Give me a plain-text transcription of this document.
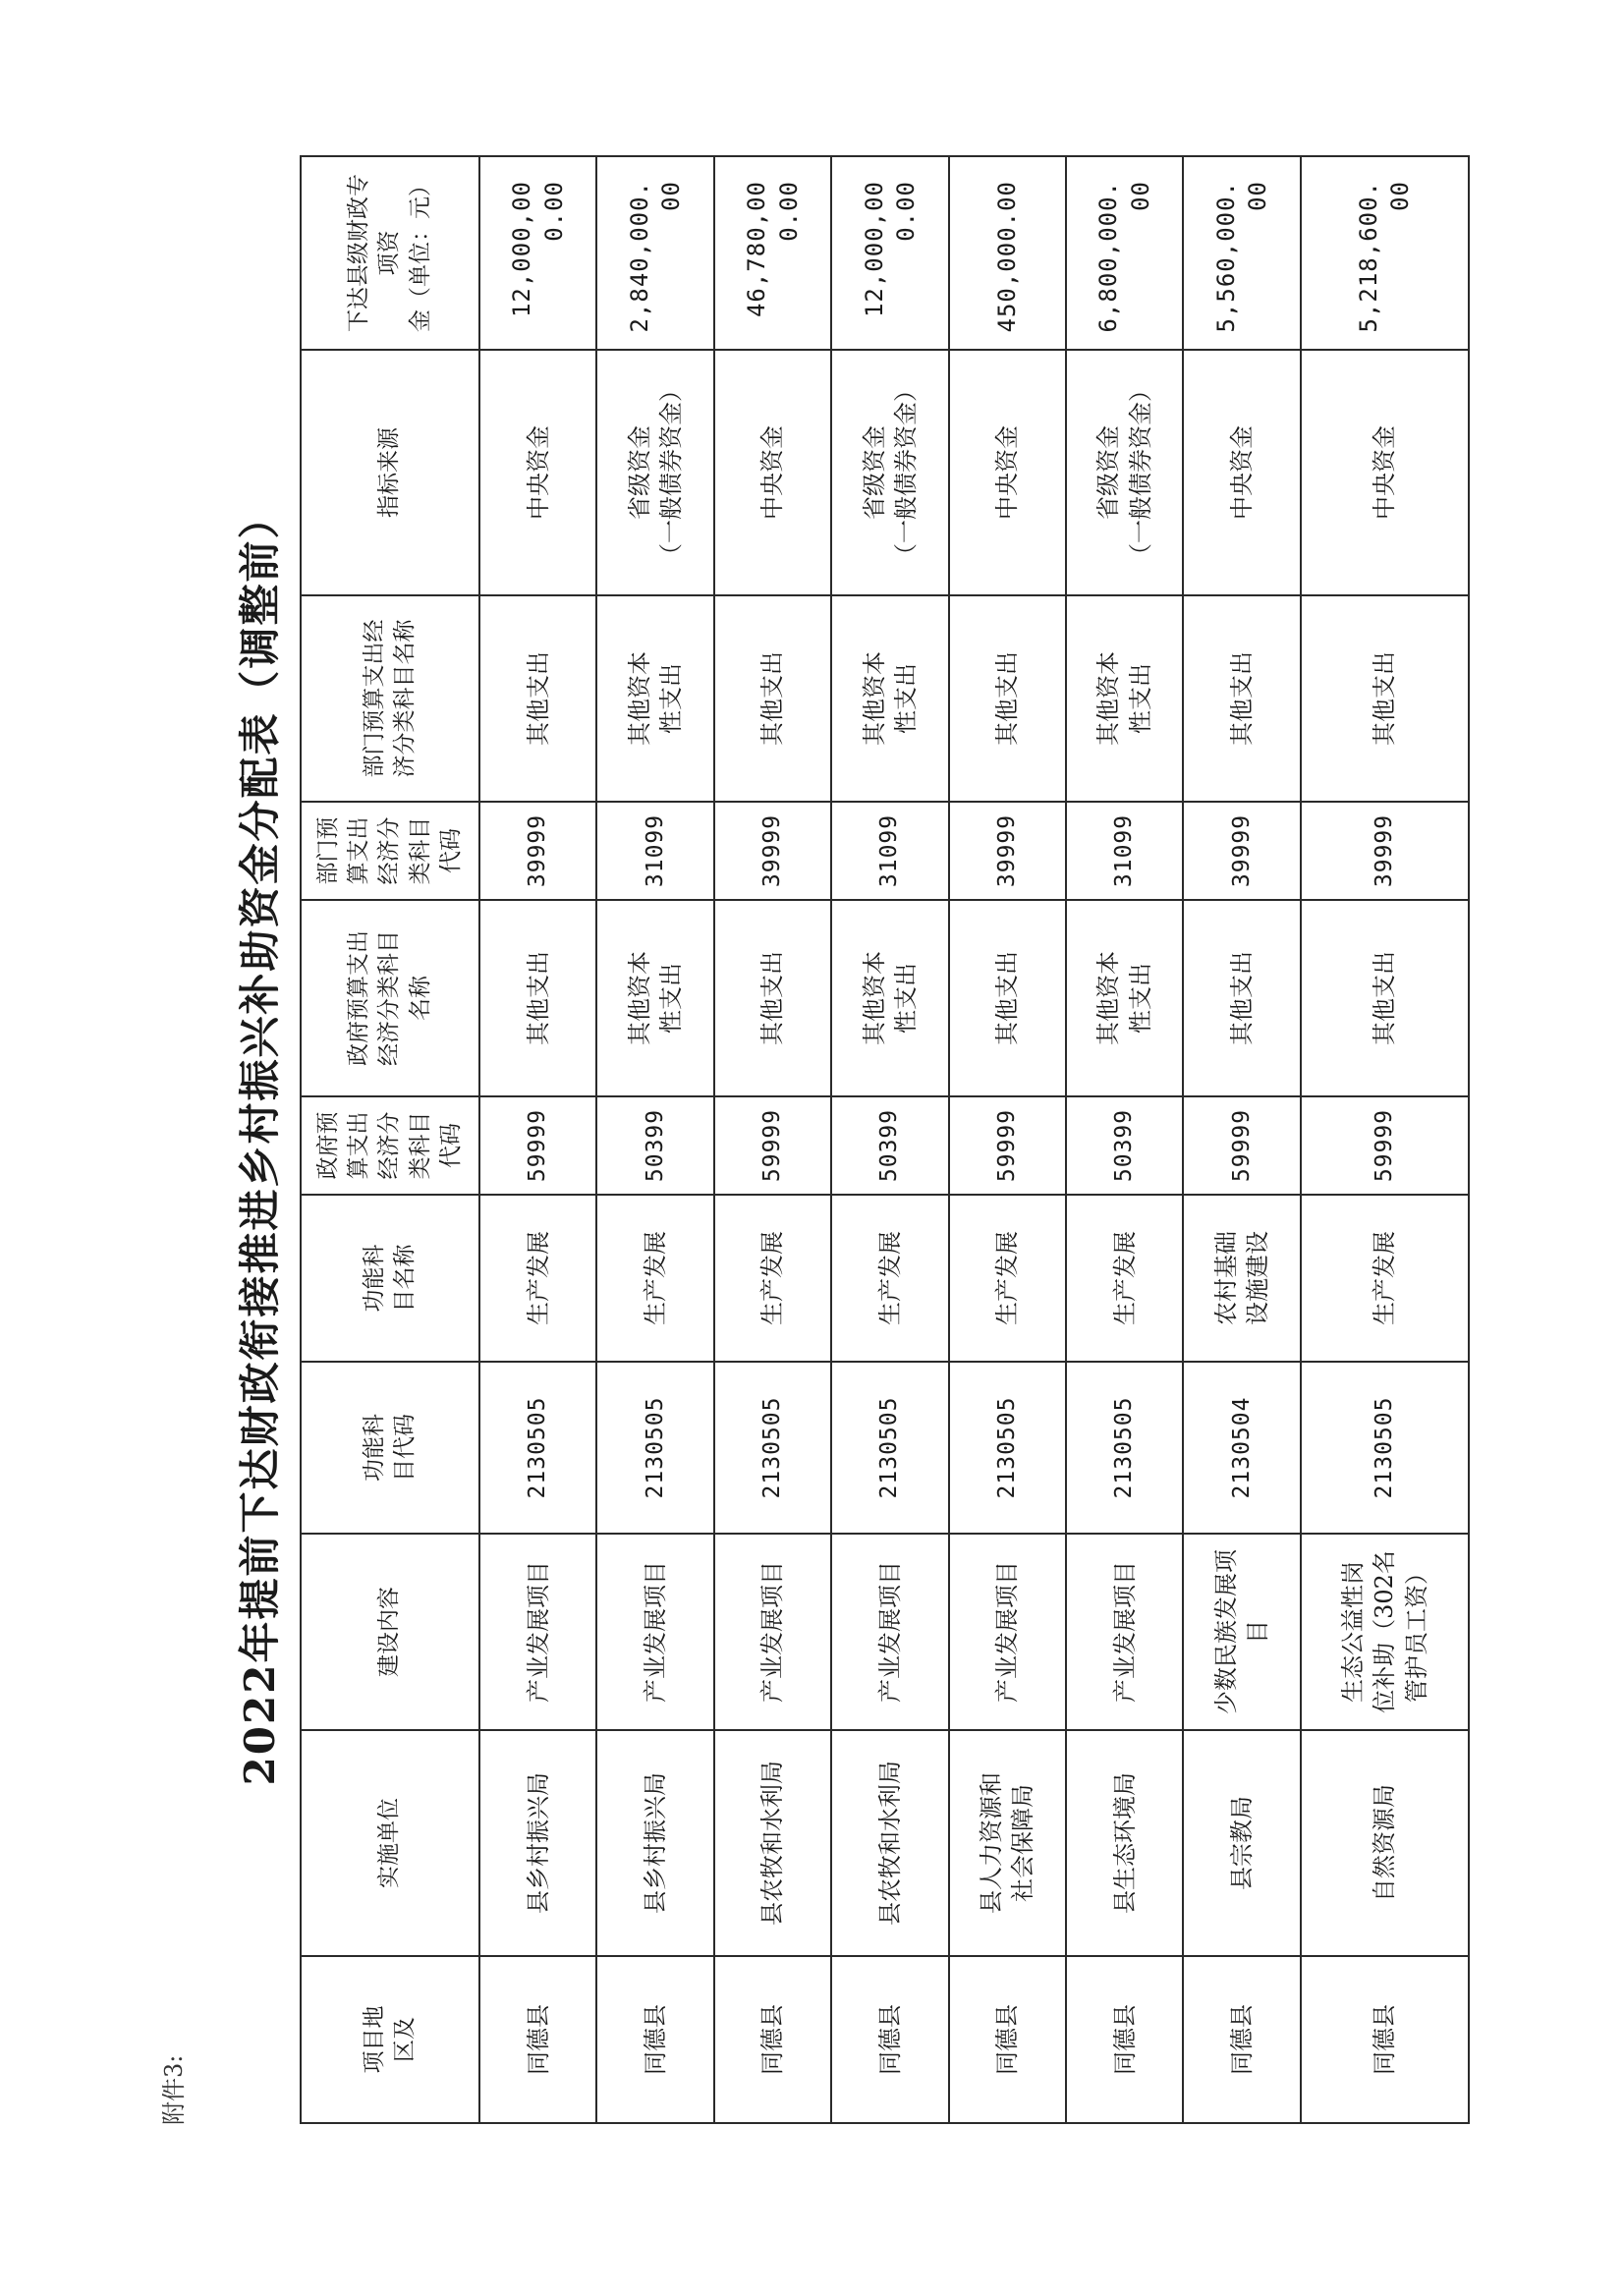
附件3:
2022年提前下达财政衔接推进乡村振兴补助资金分配表（调整前）
项目地 区及	实施单位	建设内容	功能科 目代码	功能科 目名称	政府预 算支出 经济分 类科目 代码	政府预算支出 经济分类科目 名称	部门预 算支出 经济分 类科目 代码	部门预算支出经 济分类科目名称	指标来源	下达县级财政专项资 金（单位：元）

同德县	县乡村振兴局	产业发展项目	2130505	生产发展	59999	其他支出	39999	其他支出	中央资金	12,000,000.00
同德县	县乡村振兴局	产业发展项目	2130505	生产发展	50399	其他资本 性支出	31099	其他资本 性支出	省级资金 （一般债券资金）	2,840,000.00
同德县	县农牧和水利局	产业发展项目	2130505	生产发展	59999	其他支出	39999	其他支出	中央资金	46,780,000.00
同德县	县农牧和水利局	产业发展项目	2130505	生产发展	50399	其他资本 性支出	31099	其他资本 性支出	省级资金 （一般债券资金）	12,000,000.00
同德县	县人力资源和 社会保障局	产业发展项目	2130505	生产发展	59999	其他支出	39999	其他支出	中央资金	450,000.00
同德县	县生态环境局	产业发展项目	2130505	生产发展	50399	其他资本 性支出	31099	其他资本 性支出	省级资金 （一般债券资金）	6,800,000.00
同德县	县宗教局	少数民族发展项目	2130504	农村基础 设施建设	59999	其他支出	39999	其他支出	中央资金	5,560,000.00
同德县	自然资源局	生态公益性岗 位补助（302名 管护员工资）	2130505	生产发展	59999	其他支出	39999	其他支出	中央资金	5,218,600.00
